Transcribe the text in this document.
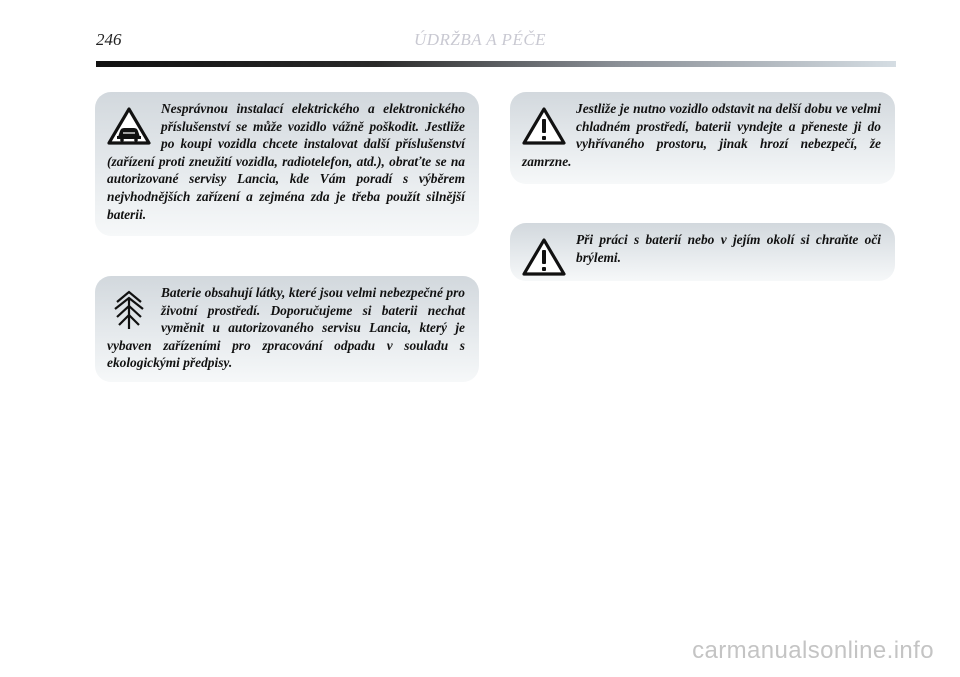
246	ÚDRŽBA A PÉČE
Nesprávnou instalací elektrického a elektronického příslušenství se může vozidlo vážně poškodit. Jestliže po koupi vozidla chcete instalovat další příslušenství (zařízení proti zneužití vozidla, radiotelefon, atd.), obraťte se na autorizované servisy Lancia, kde Vám poradí s výběrem nejvhodnějších zařízení a zejména zda je třeba použít silnější baterii.
Baterie obsahují látky, které jsou velmi nebezpečné pro životní prostředí. Doporučujeme si baterii nechat vyměnit u autorizovaného servisu Lancia, který je vybaven zařízeními pro zpracování odpadu v souladu s ekologickými předpisy.
Jestliže je nutno vozidlo odstavit na delší dobu ve velmi chladném prostředí, baterii vyndejte a přeneste ji do vyhřívaného prostoru, jinak hrozí nebezpečí, že zamrzne.
Při práci s baterií nebo v jejím okolí si chraňte oči brýlemi.
carmanualsonline.info
